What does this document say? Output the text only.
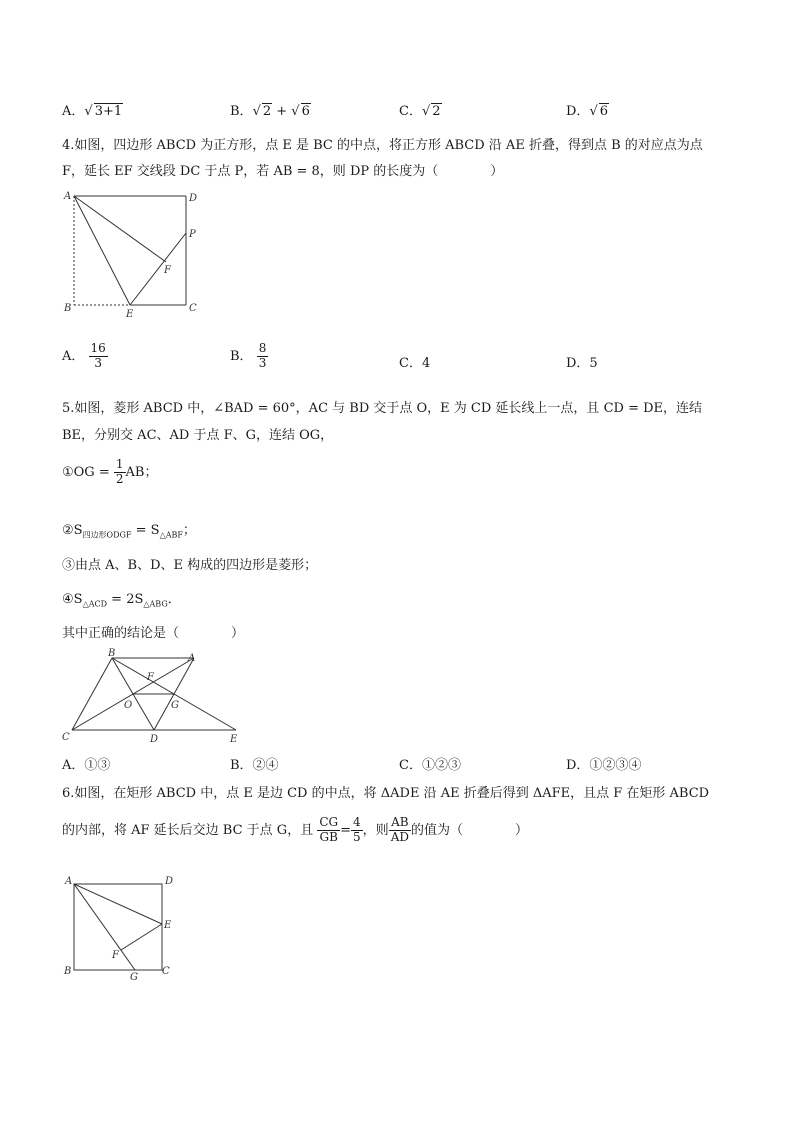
A．√ 3+1	B．√ 2 + √ 6	C．√ 2	D．√ 6
4.如图，四边形 ABCD 为正方形，点 E 是 BC 的中点，将正方形 ABCD 沿 AE 折叠，得到点 B 的对应点为点
F，延长 EF 交线段 DC 于点 P，若 AB = 8，则 DP 的长度为（　　　　）
A	D
P
F
B
E
C
A． $\frac{16}{3}$	B． $\frac{8}{3}$	C．4	D．5
5.如图，菱形 ABCD 中，∠BAD = 60°，AC 与 BD 交于点 O，E 为 CD 延长线上一点，且 CD = DE，连结
BE，分别交 AC、AD 于点 F、G，连结 OG，
①OG = $\frac{1}{2}$ AB；
$②S_{四边形ODGF} = S_{\triangle ABF}$；
③由点 A、B、D、E 构成的四边形是菱形；
$④S_{\triangle ACD} = 2S_{\triangle ABG}$．
其中正确的结论是（　　　　）
B	A
F
O	G
C	D	E
A．①③	B．②④	C．①②③	D．①②③④
6.如图，在矩形 ABCD 中，点 E 是边 CD 的中点，将 ΔADE 沿 AE 折叠后得到 ΔAFE，且点 F 在矩形 ABCD
的内部，将 AF 延长后交边 BC 于点 G，且 $\frac{CG}{GB} = \frac{4}{5}$ ，则 $\frac{AB}{AD}$ 的值为（　　　　）
A	D
E
F
B
G
C
